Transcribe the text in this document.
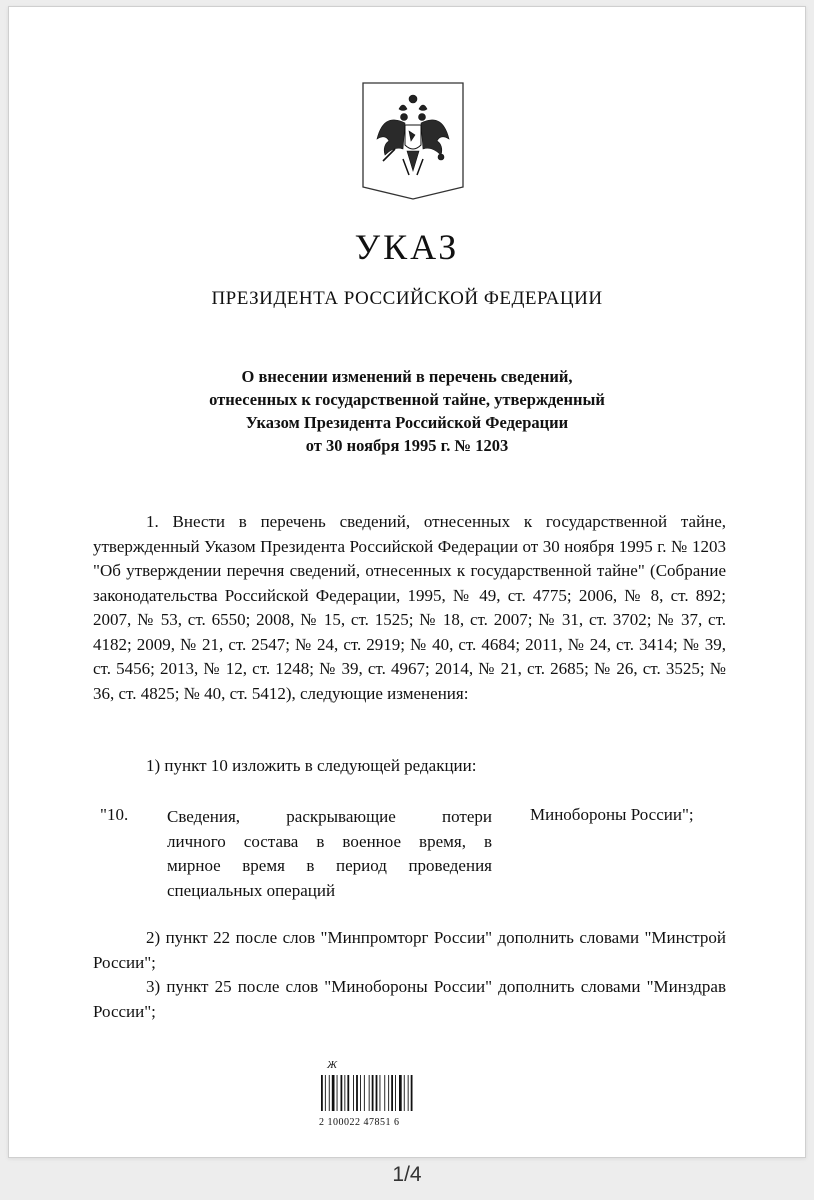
УКАЗ
ПРЕЗИДЕНТА РОССИЙСКОЙ ФЕДЕРАЦИИ
О внесении изменений в перечень сведений,
отнесенных к государственной тайне, утвержденный
Указом Президента Российской Федерации
от 30 ноября 1995 г. № 1203
1. Внести в перечень сведений, отнесенных к государственной тайне, утвержденный Указом Президента Российской Федерации от 30 ноября 1995 г. № 1203 "Об утверждении перечня сведений, отнесенных к государственной тайне" (Собрание законодательства Российской Федерации, 1995, № 49, ст. 4775; 2006, № 8, ст. 892; 2007, № 53, ст. 6550; 2008, № 15, ст. 1525; № 18, ст. 2007; № 31, ст. 3702; № 37, ст. 4182; 2009, № 21, ст. 2547; № 24, ст. 2919; № 40, ст. 4684; 2011, № 24, ст. 3414; № 39, ст. 5456; 2013, № 12, ст. 1248; № 39, ст. 4967; 2014, № 21, ст. 2685; № 26, ст. 3525; № 36, ст. 4825; № 40, ст. 5412), следующие изменения:
1) пункт 10 изложить в следующей редакции:
"10. Сведения, раскрывающие потери
личного состава в военное время, в
мирное время в период проведения
специальных операций
Минобороны России";
2) пункт 22 после слов "Минпромторг России" дополнить словами "Минстрой России";
3) пункт 25 после слов "Минобороны России" дополнить словами "Минздрав России";
Ж
2 100022 47851 6
1/4
